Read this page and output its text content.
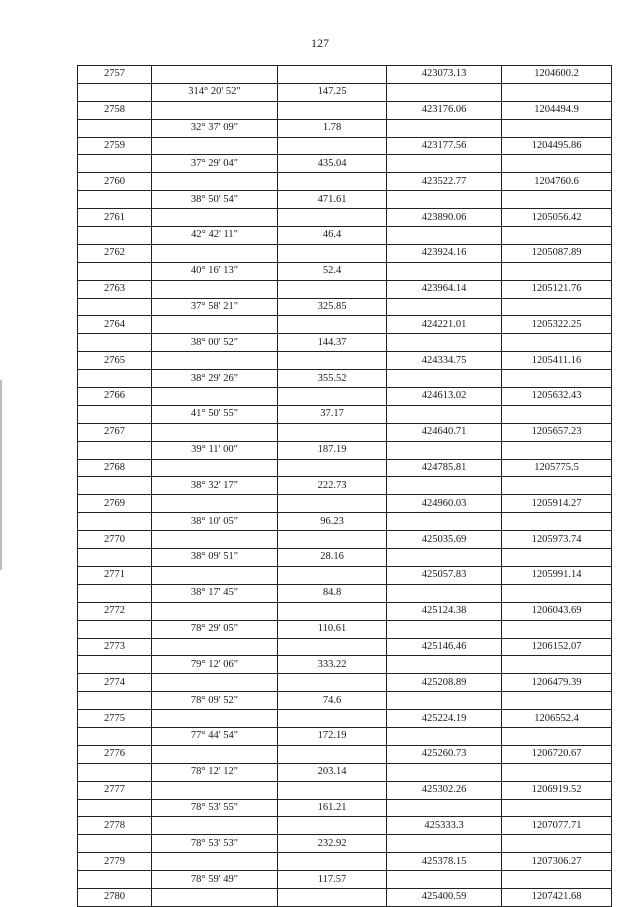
127
2757			423073.13	1204600.2
	314° 20' 52"	147.25		
2758			423176.06	1204494.9
	32° 37' 09"	1.78		
2759			423177.56	1204495.86
	37° 29' 04"	435.04		
2760			423522.77	1204760.6
	38° 50' 54"	471.61		
2761			423890.06	1205056.42
	42° 42' 11"	46.4		
2762			423924.16	1205087.89
	40° 16' 13"	52.4		
2763			423964.14	1205121.76
	37° 58' 21"	325.85		
2764			424221.01	1205322.25
	38° 00' 52"	144.37		
2765			424334.75	1205411.16
	38° 29' 26"	355.52		
2766			424613.02	1205632.43
	41° 50' 55"	37.17		
2767			424640.71	1205657.23
	39° 11' 00"	187.19		
2768			424785.81	1205775.5
	38° 32' 17"	222.73		
2769			424960.03	1205914.27
	38° 10' 05"	96.23		
2770			425035.69	1205973.74
	38° 09' 51"	28.16		
2771			425057.83	1205991.14
	38° 17' 45"	84.8		
2772			425124.38	1206043.69
	78° 29' 05"	110.61		
2773			425146.46	1206152.07
	79° 12' 06"	333.22		
2774			425208.89	1206479.39
	78° 09' 52"	74.6		
2775			425224.19	1206552.4
	77° 44' 54"	172.19		
2776			425260.73	1206720.67
	78° 12' 12"	203.14		
2777			425302.26	1206919.52
	78° 53' 55"	161.21		
2778			425333.3	1207077.71
	78° 53' 53"	232.92		
2779			425378.15	1207306.27
	78° 59' 49"	117.57		
2780			425400.59	1207421.68
